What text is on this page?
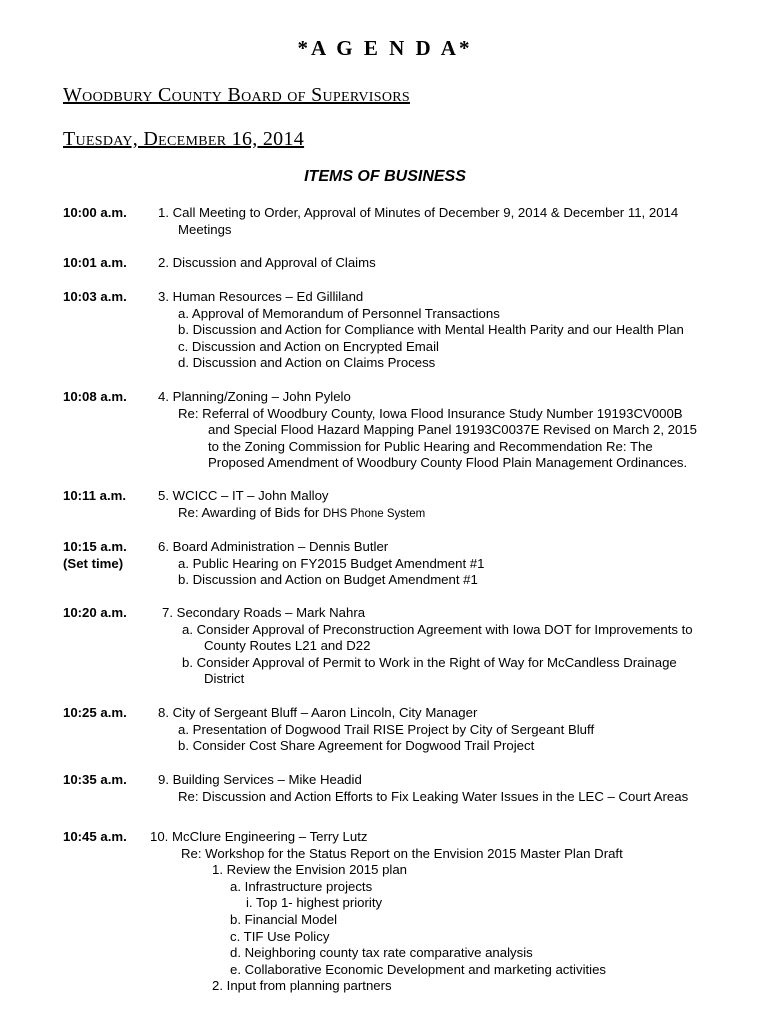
*A G E N D A*
Woodbury County Board of Supervisors
Tuesday, December 16, 2014
ITEMS OF BUSINESS
10:00 a.m. 1. Call Meeting to Order, Approval of Minutes of December 9, 2014 & December 11, 2014
Meetings
10:01 a.m. 2. Discussion and Approval of Claims
10:03 a.m. 3. Human Resources – Ed Gilliland
a. Approval of Memorandum of Personnel Transactions
b. Discussion and Action for Compliance with Mental Health Parity and our Health Plan
c. Discussion and Action on Encrypted Email
d. Discussion and Action on Claims Process
10:08 a.m. 4. Planning/Zoning – John Pylelo
Re: Referral of Woodbury County, Iowa Flood Insurance Study Number 19193CV000B
and Special Flood Hazard Mapping Panel 19193C0037E Revised on March 2, 2015
to the Zoning Commission for Public Hearing and Recommendation Re: The
Proposed Amendment of Woodbury County Flood Plain Management Ordinances.
10:11 a.m. 5. WCICC – IT – John Malloy
Re: Awarding of Bids for DHS Phone System
10:15 a.m.
(Set time)
6. Board Administration – Dennis Butler
a. Public Hearing on FY2015 Budget Amendment #1
b. Discussion and Action on Budget Amendment #1
10:20 a.m.	7. Secondary Roads – Mark Nahra
a. Consider Approval of Preconstruction Agreement with Iowa DOT for Improvements to
County Routes L21 and D22
b. Consider Approval of Permit to Work in the Right of Way for McCandless Drainage
District
10:25 a.m. 8. City of Sergeant Bluff – Aaron Lincoln, City Manager
a. Presentation of Dogwood Trail RISE Project by City of Sergeant Bluff
b. Consider Cost Share Agreement for Dogwood Trail Project
10:35 a.m. 9. Building Services – Mike Headid
Re: Discussion and Action Efforts to Fix Leaking Water Issues in the LEC – Court Areas
10:45 a.m. 10. McClure Engineering – Terry Lutz
Re: Workshop for the Status Report on the Envision 2015 Master Plan Draft
1. Review the Envision 2015 plan
a. Infrastructure projects
i. Top 1- highest priority
b. Financial Model
c. TIF Use Policy
d. Neighboring county tax rate comparative analysis
e. Collaborative Economic Development and marketing activities
2. Input from planning partners
